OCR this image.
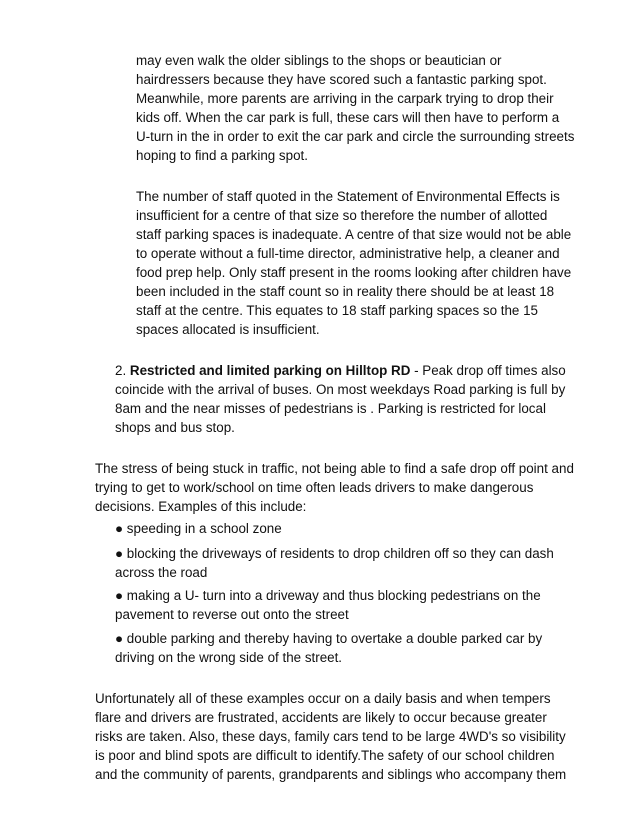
may even walk the older siblings to the shops or beautician or
hairdressers because they have scored such a fantastic parking spot.
Meanwhile, more parents are arriving in the carpark trying to drop their
kids off. When the car park is full, these cars will then have to perform a
U-turn in the in order to exit the car park and circle the surrounding streets
hoping to find a parking spot.
The number of staff quoted in the Statement of Environmental Effects is
insufficient for a centre of that size so therefore the number of allotted
staff parking spaces is inadequate. A centre of that size would not be able
to operate without a full-time director, administrative help, a cleaner and
food prep help. Only staff present in the rooms looking after children have
been included in the staff count so in reality there should be at least 18
staff at the centre. This equates to 18 staff parking spaces so the 15
spaces allocated is insufficient.
2. Restricted and limited parking on Hilltop RD - Peak drop off times also
coincide with the arrival of buses. On most weekdays Road parking is full by
8am and the near misses of pedestrians is . Parking is restricted for local
shops and bus stop.
The stress of being stuck in traffic, not being able to find a safe drop off point and
trying to get to work/school on time often leads drivers to make dangerous
decisions. Examples of this include:
● speeding in a school zone
● blocking the driveways of residents to drop children off so they can dash
across the road
● making a U- turn into a driveway and thus blocking pedestrians on the
pavement to reverse out onto the street
● double parking and thereby having to overtake a double parked car by
driving on the wrong side of the street.
Unfortunately all of these examples occur on a daily basis and when tempers
flare and drivers are frustrated, accidents are likely to occur because greater
risks are taken. Also, these days, family cars tend to be large 4WD's so visibility
is poor and blind spots are difficult to identify.The safety of our school children
and the community of parents, grandparents and siblings who accompany them
